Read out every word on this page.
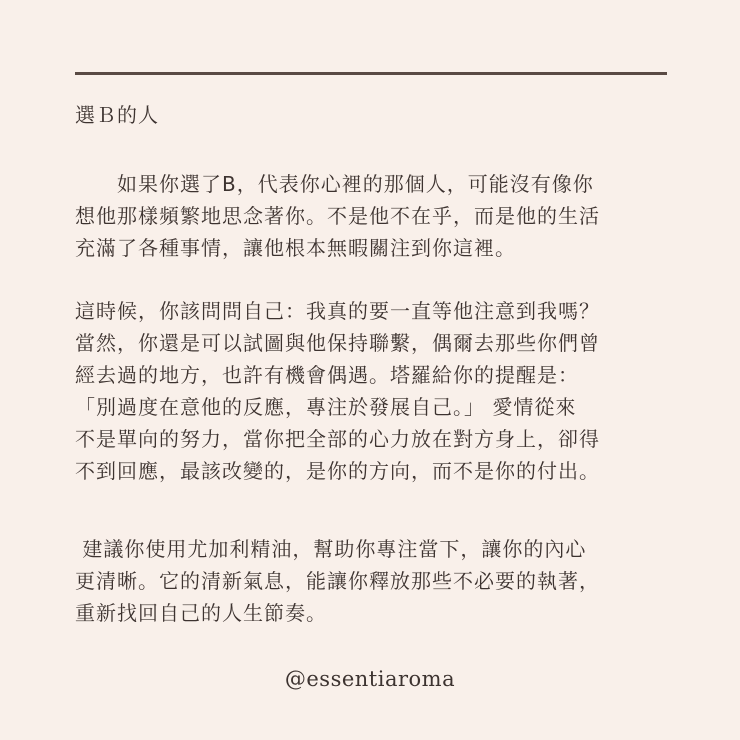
選Ｂ的人
　　如果你選了B，代表你心裡的那個人，可能沒有像你
想他那樣頻繁地思念著你。不是他不在乎，而是他的生活
充滿了各種事情，讓他根本無暇關注到你這裡。
這時候，你該問問自己：我真的要一直等他注意到我嗎？
當然，你還是可以試圖與他保持聯繫，偶爾去那些你們曾
經去過的地方，也許有機會偶遇。塔羅給你的提醒是：
「別過度在意他的反應，專注於發展自己。」 愛情從來
不是單向的努力，當你把全部的心力放在對方身上，卻得
不到回應，最該改變的，是你的方向，而不是你的付出。
建議你使用尤加利精油，幫助你專注當下，讓你的內心
更清晰。它的清新氣息，能讓你釋放那些不必要的執著，
重新找回自己的人生節奏。
@essentiaroma
